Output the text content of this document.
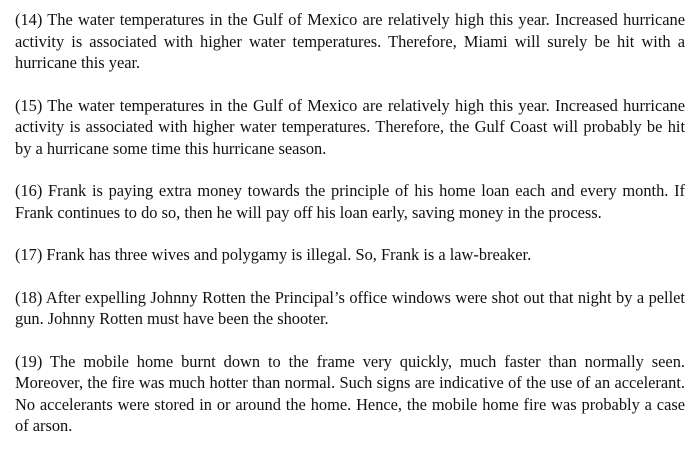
(14) The water temperatures in the Gulf of Mexico are relatively high this year. Increased hurricane activity is associated with higher water temperatures. Therefore, Miami will surely be hit with a hurricane this year.

(15) The water temperatures in the Gulf of Mexico are relatively high this year. Increased hurricane activity is associated with higher water temperatures. Therefore, the Gulf Coast will probably be hit by a hurricane some time this hurricane season.

(16) Frank is paying extra money towards the principle of his home loan each and every month. If Frank continues to do so, then he will pay off his loan early, saving money in the process.

(17) Frank has three wives and polygamy is illegal. So, Frank is a law-breaker.

(18) After expelling Johnny Rotten the Principal’s office windows were shot out that night by a pellet gun. Johnny Rotten must have been the shooter.

(19) The mobile home burnt down to the frame very quickly, much faster than normally seen. Moreover, the fire was much hotter than normal. Such signs are indicative of the use of an accelerant. No accelerants were stored in or around the home. Hence, the mobile home fire was probably a case of arson.
